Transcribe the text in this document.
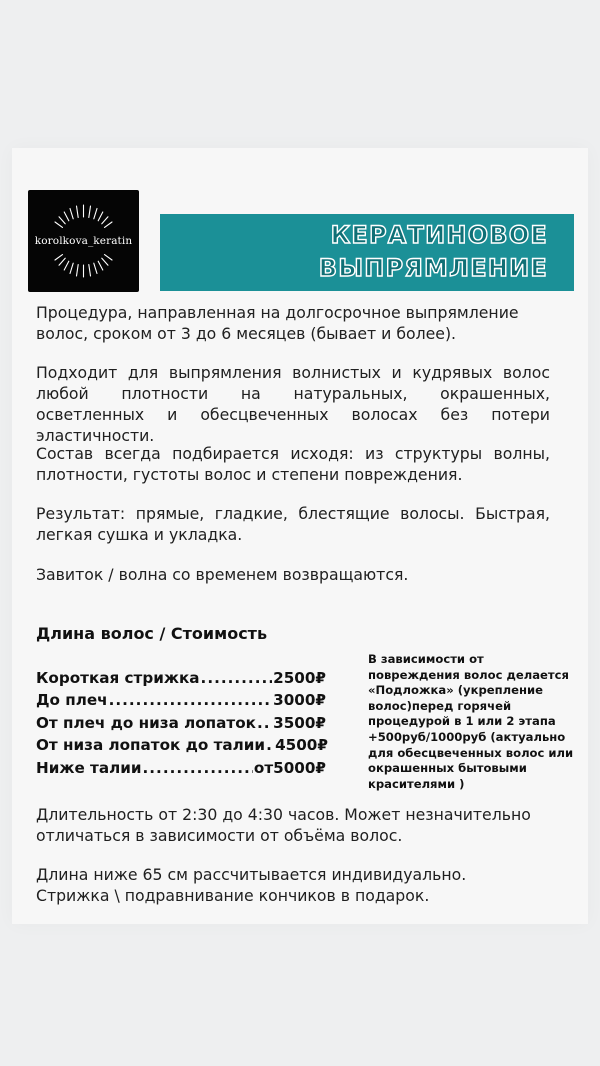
korolkova_keratin	КЕРАТИНОВОЕ
ВЫПРЯМЛЕНИЕ
Процедура, направленная на долгосрочное выпрямление волос, сроком от 3 до 6 месяцев (бывает и более).
Подходит для выпрямления волнистых и кудрявых волос любой плотности на натуральных, окрашенных, осветленных и обесцвеченных волосах без потери эластичности.
Состав всегда подбирается исходя: из структуры волны, плотности, густоты волос и степени повреждения.
Результат: прямые, гладкие, блестящие волосы. Быстрая, легкая сушка и укладка.
Завиток / волна со временем возвращаются.
Длина волос / Стоимость
Короткая стрижка .....	2500₽
До плеч .....	3000₽
От плеч до низа лопаток ..... 3500₽
От низа лопаток до талии ..... 4500₽
Ниже талии .....	от5000₽
В зависимости от повреждения волос делается «Подложка» (укрепление волос)перед горячей процедурой в 1 или 2 этапа +500руб/1000руб (актуально для обесцвеченных волос или окрашенных бытовыми красителями )
Длительность от 2:30 до 4:30 часов. Может незначительно отличаться в зависимости от объёма волос.
Длина ниже 65 см рассчитывается индивидуально.
Стрижка \ подравнивание кончиков в подарок.
